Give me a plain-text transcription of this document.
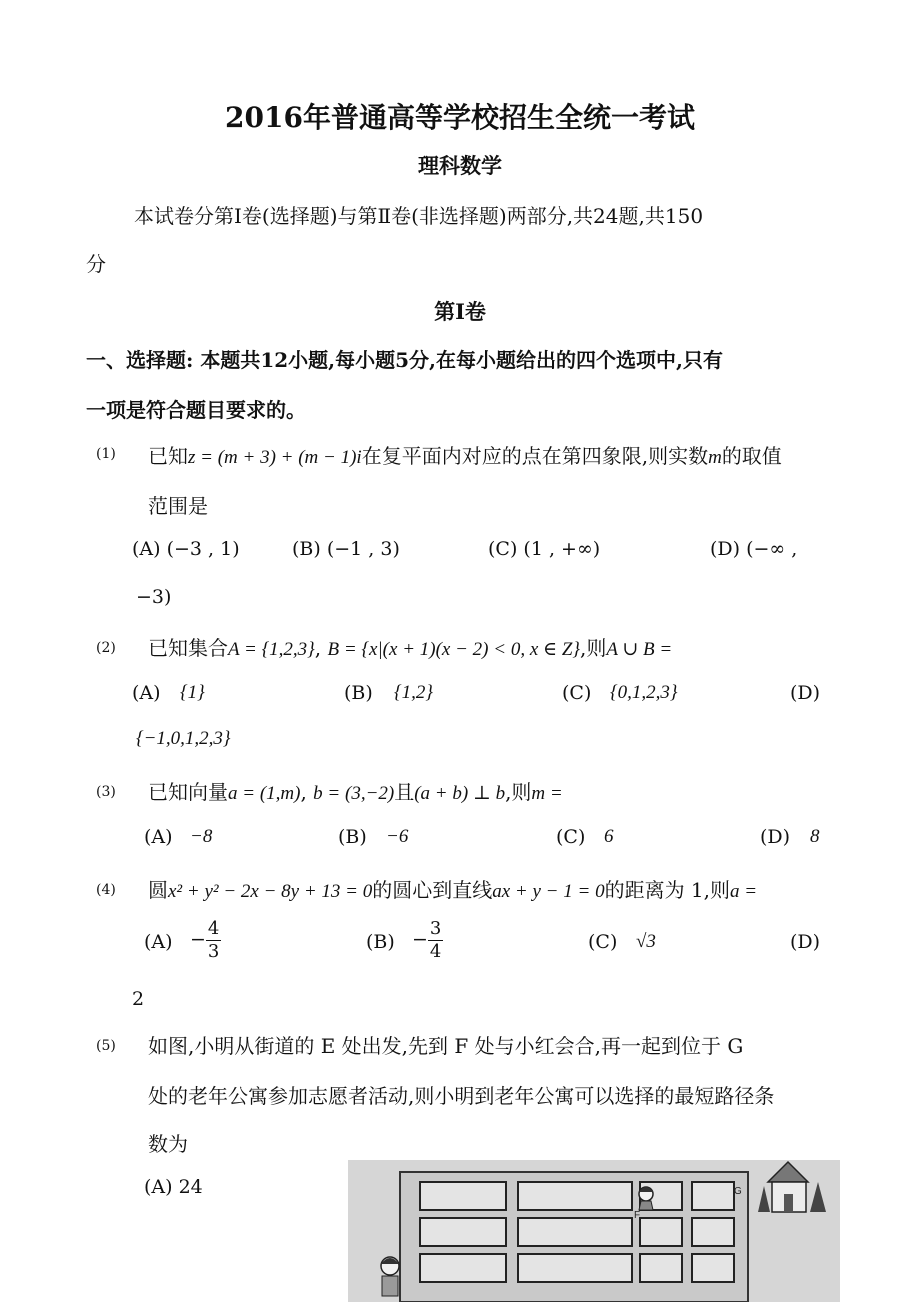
2016年普通高等学校招生全统一考试
理科数学
本试卷分第Ⅰ卷(选择题)与第Ⅱ卷(非选择题)两部分,共24题,共150
分
第Ⅰ卷
一、选择题: 本题共12小题,每小题5分,在每小题给出的四个选项中,只有
一项是符合题目要求的。
(1) 已知z = (m + 3) + (m − 1)i在复平面内对应的点在第四象限,则实数m的取值
范围是
(A) (−3 , 1)	(B) (−1 , 3)	(C) (1 , +∞)	(D) (−∞ ,
−3)
(2) 已知集合A = {1,2,3}, B = {x|(x + 1)(x − 2) < 0, x ∈ Z},则A ∪ B =
(A) {1}	(B) {1,2}	(C) {0,1,2,3}	(D)
{−1,0,1,2,3}
(3) 已知向量a = (1,m), b = (3,−2)且(a + b) ⊥ b,则m =
(A) −8	(B) −6	(C) 6	(D) 8
(4) 圆x² + y² − 2x − 8y + 13 = 0的圆心到直线ax + y − 1 = 0的距离为 1,则a =
$(A) - \frac{4}{3}$	$(B) - \frac{3}{4}$	(C) √3	(D)
2
(5) 如图,小明从街道的 E 处出发,先到 F 处与小红会合,再一起到位于 G
处的老年公寓参加志愿者活动,则小明到老年公寓可以选择的最短路径条
数为
(A) 24
F
G
